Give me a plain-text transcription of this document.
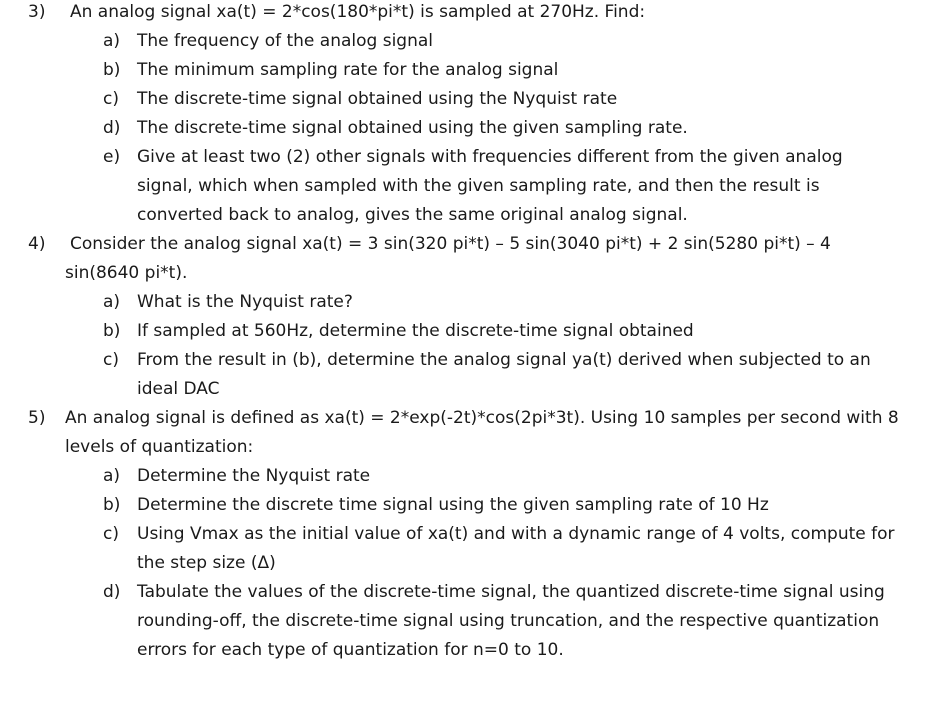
3) An analog signal xa(t) = 2*cos(180*pi*t) is sampled at 270Hz. Find:
a) The frequency of the analog signal
b) The minimum sampling rate for the analog signal
c) The discrete-time signal obtained using the Nyquist rate
d) The discrete-time signal obtained using the given sampling rate.
e) Give at least two (2) other signals with frequencies different from the given analog
signal, which when sampled with the given sampling rate, and then the result is
converted back to analog, gives the same original analog signal.
4) Consider the analog signal xa(t) = 3 sin(320 pi*t) – 5 sin(3040 pi*t) + 2 sin(5280 pi*t) – 4
sin(8640 pi*t).
a) What is the Nyquist rate?
b) If sampled at 560Hz, determine the discrete-time signal obtained
c) From the result in (b), determine the analog signal ya(t) derived when subjected to an
ideal DAC
5) An analog signal is defined as xa(t) = 2*exp(-2t)*cos(2pi*3t). Using 10 samples per second with 8
levels of quantization:
a) Determine the Nyquist rate
b) Determine the discrete time signal using the given sampling rate of 10 Hz
c) Using Vmax as the initial value of xa(t) and with a dynamic range of 4 volts, compute for
the step size (Δ)
d) Tabulate the values of the discrete-time signal, the quantized discrete-time signal using
rounding-off, the discrete-time signal using truncation, and the respective quantization
errors for each type of quantization for n=0 to 10.
